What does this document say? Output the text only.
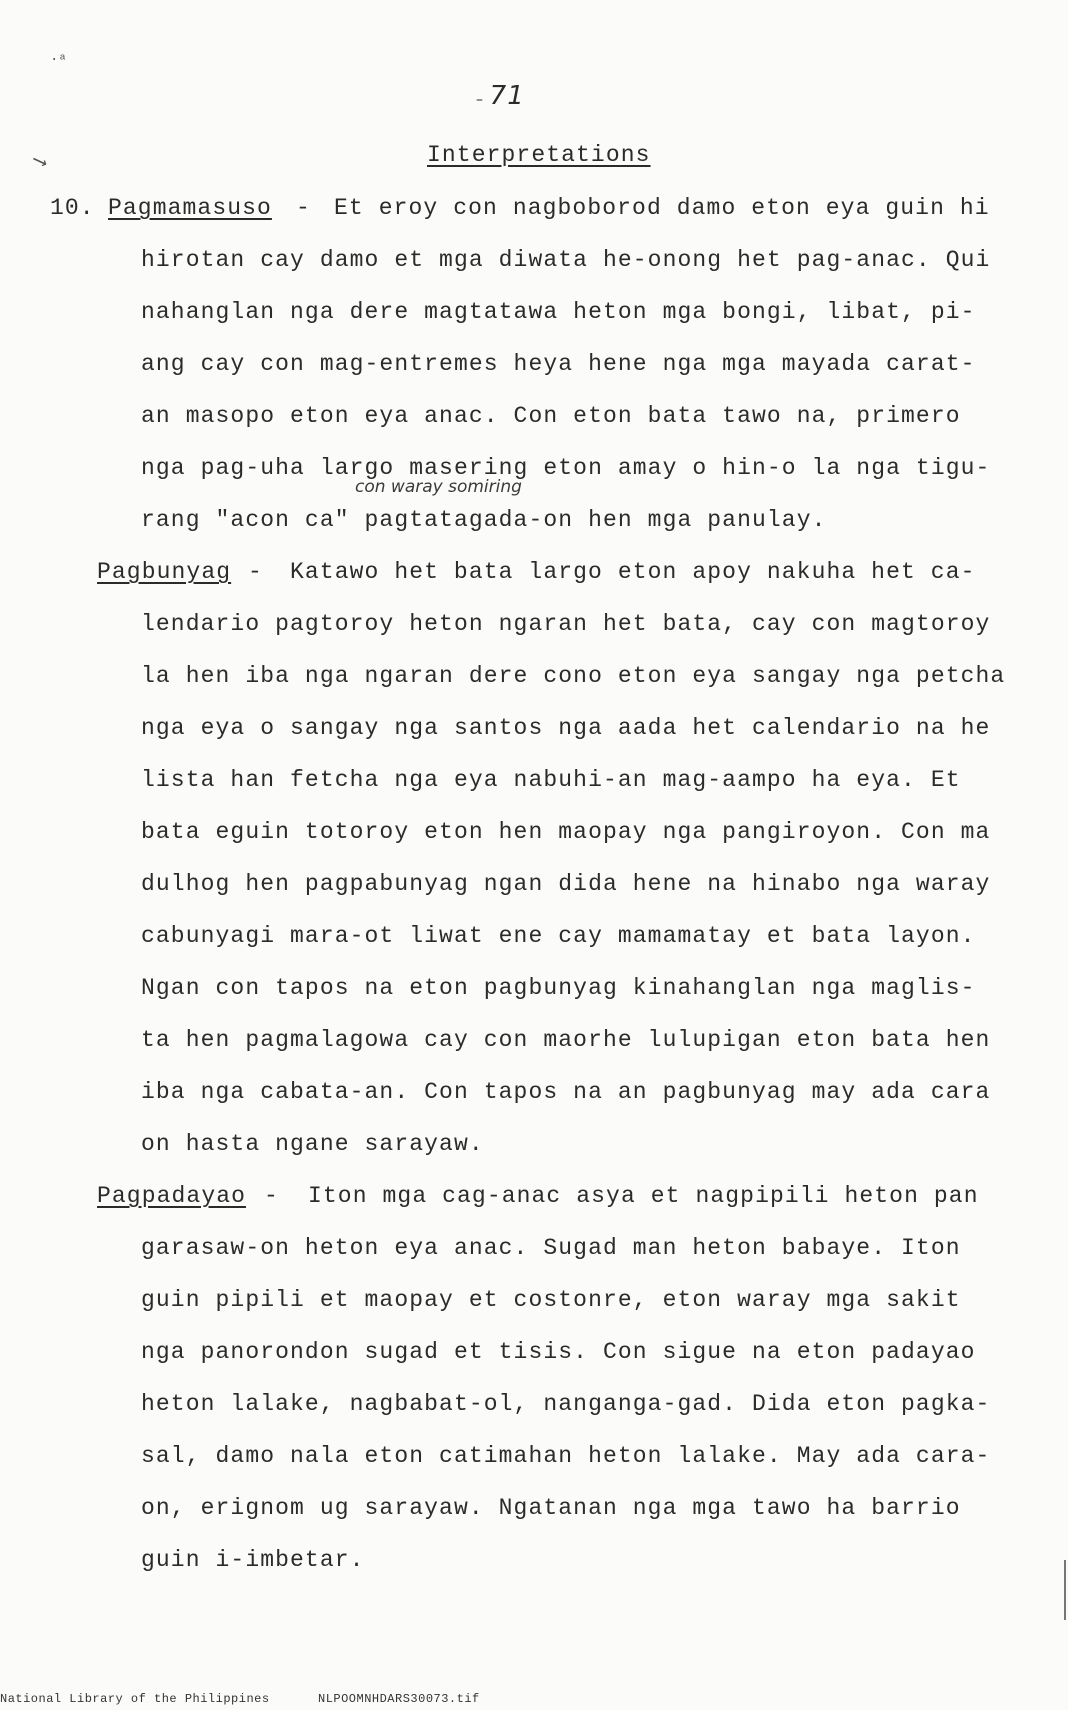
·ᵃ
⟶
– 71
Interpretations
10. Pagmamasuso - Et eroy con nagboborod damo eton eya guin hi
hirotan cay damo et mga diwata he-onong het pag-anac. Qui
nahanglan nga dere magtatawa heton mga bongi, libat, pi-
ang cay con mag-entremes heya hene nga mga mayada carat-
an masopo eton eya anac. Con eton bata tawo na, primero
nga pag-uha largo masering eton amay o hin-o la nga tigu-
con waray somiring
rang "acon ca" pagtatagada-on hen mga panulay.
Pagbunyag - Katawo het bata largo eton apoy nakuha het ca-
lendario pagtoroy heton ngaran het bata, cay con magtoroy
la hen iba nga ngaran dere cono eton eya sangay nga petcha
nga eya o sangay nga santos nga aada het calendario na he
lista han fetcha nga eya nabuhi-an mag-aampo ha eya. Et
bata eguin totoroy eton hen maopay nga pangiroyon. Con ma
dulhog hen pagpabunyag ngan dida hene na hinabo nga waray
cabunyagi mara-ot liwat ene cay mamamatay et bata layon.
Ngan con tapos na eton pagbunyag kinahanglan nga maglis-
ta hen pagmalagowa cay con maorhe lulupigan eton bata hen
iba nga cabata-an. Con tapos na an pagbunyag may ada cara
on hasta ngane sarayaw.
Pagpadayao - Iton mga cag-anac asya et nagpipili heton pan
garasaw-on heton eya anac. Sugad man heton babaye. Iton
guin pipili et maopay et costonre, eton waray mga sakit
nga panorondon sugad et tisis. Con sigue na eton padayao
heton lalake, nagbabat-ol, nanganga-gad. Dida eton pagka-
sal, damo nala eton catimahan heton lalake. May ada cara-
on, erignom ug sarayaw. Ngatanan nga mga tawo ha barrio
guin i-imbetar.
National Library of the Philippines	NLPOOMNHDARS30073.tif
